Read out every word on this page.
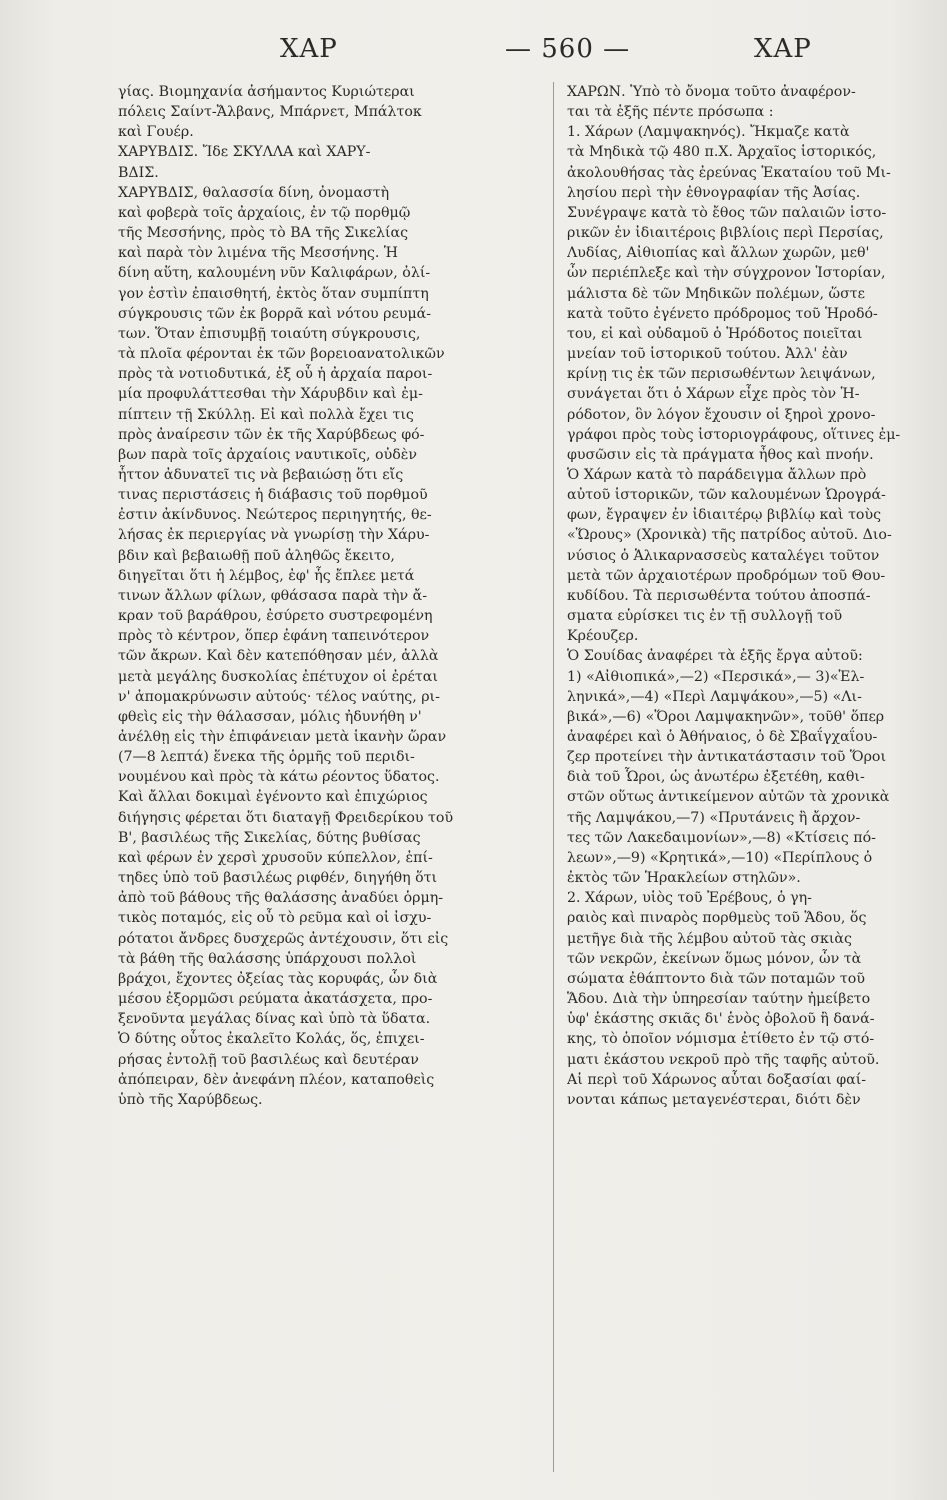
ΧΑΡ	— 560 —	ΧΑΡ
γίας. Βιομηχανία ἀσήμαντος Κυριώτεραι
πόλεις Σαίντ-Ἄλβανς, Μπάρνετ, Μπάλτοκ
καὶ Γουέρ.
ΧΑΡΥΒΔΙΣ. Ἴδε ΣΚΥΛΛΑ καὶ ΧΑΡΥ-
ΒΔΙΣ.
ΧΑΡΥΒΔΙΣ, θαλασσία δίνη, ὀνομαστὴ
καὶ φοβερὰ τοῖς ἀρχαίοις, ἐν τῷ πορθμῷ
τῆς Μεσσήνης, πρὸς τὸ ΒΑ τῆς Σικελίας
καὶ παρὰ τὸν λιμένα τῆς Μεσσήνης. Ἡ
δίνη αὕτη, καλουμένη νῦν Καλιφάρων, ὀλί-
γον ἐστὶν ἐπαισθητή, ἐκτὸς ὅταν συμπίπτη
σύγκρουσις τῶν ἐκ βορρᾶ καὶ νότου ρευμά-
των. Ὅταν ἐπισυμβῇ τοιαύτη σύγκρουσις,
τὰ πλοῖα φέρονται ἐκ τῶν βορειοανατολικῶν
πρὸς τὰ νοτιοδυτικά, ἐξ οὗ ἡ ἀρχαία παροι-
μία προφυλάττεσθαι τὴν Χάρυβδιν καὶ ἐμ-
πίπτειν τῇ Σκύλλῃ. Εἰ καὶ πολλὰ ἔχει τις
πρὸς ἀναίρεσιν τῶν ἐκ τῆς Χαρύβδεως φό-
βων παρὰ τοῖς ἀρχαίοις ναυτικοῖς, οὐδὲν
ἧττον ἀδυνατεῖ τις νὰ βεβαιώσῃ ὅτι εἴς
τινας περιστάσεις ἡ διάβασις τοῦ πορθμοῦ
ἐστιν ἀκίνδυνος. Νεώτερος περιηγητής, θε-
λήσας ἐκ περιεργίας νὰ γνωρίσῃ τὴν Χάρυ-
βδιν καὶ βεβαιωθῇ ποῦ ἀληθῶς ἔκειτο,
διηγεῖται ὅτι ἡ λέμβος, ἐφ' ἧς ἔπλεε μετά
τινων ἄλλων φίλων, φθάσασα παρὰ τὴν ἄ-
κραν τοῦ βαράθρου, ἐσύρετο συστρεφομένη
πρὸς τὸ κέντρον, ὅπερ ἐφάνη ταπεινότερον
τῶν ἄκρων. Καὶ δὲν κατεπόθησαν μέν, ἀλλὰ
μετὰ μεγάλης δυσκολίας ἐπέτυχον οἱ ἐρέται
ν' ἀπομακρύνωσιν αὐτούς· τέλος ναύτης, ρι-
φθεὶς εἰς τὴν θάλασσαν, μόλις ἠδυνήθη ν'
ἀνέλθῃ εἰς τὴν ἐπιφάνειαν μετὰ ἱκανὴν ὥραν
(7—8 λεπτά) ἕνεκα τῆς ὁρμῆς τοῦ περιδι-
νουμένου καὶ πρὸς τὰ κάτω ρέοντος ὕδατος.
Καὶ ἄλλαι δοκιμαὶ ἐγένοντο καὶ ἐπιχώριος
διήγησις φέρεται ὅτι διαταγῇ Φρειδερίκου τοῦ
Β', βασιλέως τῆς Σικελίας, δύτης βυθίσας
καὶ φέρων ἐν χερσὶ χρυσοῦν κύπελλον, ἐπί-
τηδες ὑπὸ τοῦ βασιλέως ριφθέν, διηγήθη ὅτι
ἀπὸ τοῦ βάθους τῆς θαλάσσης ἀναδύει ὁρμη-
τικὸς ποταμός, εἰς οὗ τὸ ρεῦμα καὶ οἱ ἰσχυ-
ρότατοι ἄνδρες δυσχερῶς ἀντέχουσιν, ὅτι εἰς
τὰ βάθη τῆς θαλάσσης ὑπάρχουσι πολλοὶ
βράχοι, ἔχοντες ὀξείας τὰς κορυφάς, ὧν διὰ
μέσου ἐξορμῶσι ρεύματα ἀκατάσχετα, προ-
ξενοῦντα μεγάλας δίνας καὶ ὑπὸ τὰ ὕδατα.
Ὁ δύτης οὗτος ἐκαλεῖτο Κολάς, ὅς, ἐπιχει-
ρήσας ἐντολῇ τοῦ βασιλέως καὶ δευτέραν
ἀπόπειραν, δὲν ἀνεφάνη πλέον, καταποθεὶς
ὑπὸ τῆς Χαρύβδεως.
ΧΑΡΩΝ. Ὑπὸ τὸ ὄνομα τοῦτο ἀναφέρον-
ται τὰ ἑξῆς πέντε πρόσωπα :
1. Χάρων (Λαμψακηνός). Ἤκμαζε κατὰ
τὰ Μηδικὰ τῷ 480 π.Χ. Ἀρχαῖος ἱστορικός,
ἀκολουθήσας τὰς ἐρεύνας Ἑκαταίου τοῦ Μι-
λησίου περὶ τὴν ἐθνογραφίαν τῆς Ἀσίας.
Συνέγραψε κατὰ τὸ ἔθος τῶν παλαιῶν ἱστο-
ρικῶν ἐν ἰδιαιτέροις βιβλίοις περὶ Περσίας,
Λυδίας, Αἰθιοπίας καὶ ἄλλων χωρῶν, μεθ'
ὧν περιέπλεξε καὶ τὴν σύγχρονον Ἱστορίαν,
μάλιστα δὲ τῶν Μηδικῶν πολέμων, ὥστε
κατὰ τοῦτο ἐγένετο πρόδρομος τοῦ Ἡροδό-
του, εἰ καὶ οὐδαμοῦ ὁ Ἡρόδοτος ποιεῖται
μνείαν τοῦ ἱστορικοῦ τούτου. Ἀλλ' ἐὰν
κρίνῃ τις ἐκ τῶν περισωθέντων λειψάνων,
συνάγεται ὅτι ὁ Χάρων εἶχε πρὸς τὸν Ἡ-
ρόδοτον, ὃν λόγον ἔχουσιν οἱ ξηροὶ χρονο-
γράφοι πρὸς τοὺς ἱστοριογράφους, οἵτινες ἐμ-
φυσῶσιν εἰς τὰ πράγματα ἦθος καὶ πνοήν.
Ὁ Χάρων κατὰ τὸ παράδειγμα ἄλλων πρὸ
αὐτοῦ ἱστορικῶν, τῶν καλουμένων Ὡρογρά-
φων, ἔγραψεν ἐν ἰδιαιτέρῳ βιβλίῳ καὶ τοὺς
«Ὥρους» (Χρονικὰ) τῆς πατρίδος αὐτοῦ. Διο-
νύσιος ὁ Ἁλικαρνασσεὺς καταλέγει τοῦτον
μετὰ τῶν ἀρχαιοτέρων προδρόμων τοῦ Θου-
κυδίδου. Τὰ περισωθέντα τούτου ἀποσπά-
σματα εὑρίσκει τις ἐν τῇ συλλογῇ τοῦ
Κρέουζερ.
Ὁ Σουίδας ἀναφέρει τὰ ἑξῆς ἔργα αὐτοῦ:
1) «Αἰθιοπικά»,—2) «Περσικά»,— 3)«Ἑλ-
ληνικά»,—4) «Περὶ Λαμψάκου»,—5) «Λι-
βικά»,—6) «Ὅροι Λαμψακηνῶν», τοῦθ' ὅπερ
ἀναφέρει καὶ ὁ Ἀθήναιος, ὁ δὲ Σβαΐγχαΐου-
ζερ προτείνει τὴν ἀντικατάστασιν τοῦ Ὅροι
διὰ τοῦ Ὧροι, ὡς ἀνωτέρω ἐξετέθη, καθι-
στῶν οὕτως ἀντικείμενον αὐτῶν τὰ χρονικὰ
τῆς Λαμψάκου,—7) «Πρυτάνεις ἢ ἄρχον-
τες τῶν Λακεδαιμονίων»,—8) «Κτίσεις πό-
λεων»,—9) «Κρητικά»,—10) «Περίπλους ὁ
ἐκτὸς τῶν Ἡρακλείων στηλῶν».
2. Χάρων, υἱὸς τοῦ Ἐρέβους, ὁ γη-
ραιὸς καὶ πιναρὸς πορθμεὺς τοῦ Ἅδου, ὅς
μετῆγε διὰ τῆς λέμβου αὐτοῦ τὰς σκιὰς
τῶν νεκρῶν, ἐκείνων ὅμως μόνον, ὧν τὰ
σώματα ἐθάπτοντο διὰ τῶν ποταμῶν τοῦ
Ἅδου. Διὰ τὴν ὑπηρεσίαν ταύτην ἠμείβετο
ὑφ' ἑκάστης σκιᾶς δι' ἑνὸς ὀβολοῦ ἢ δανά-
κης, τὸ ὁποῖον νόμισμα ἐτίθετο ἐν τῷ στό-
ματι ἑκάστου νεκροῦ πρὸ τῆς ταφῆς αὐτοῦ.
Αἱ περὶ τοῦ Χάρωνος αὗται δοξασίαι φαί-
νονται κάπως μεταγενέστεραι, διότι δὲν
